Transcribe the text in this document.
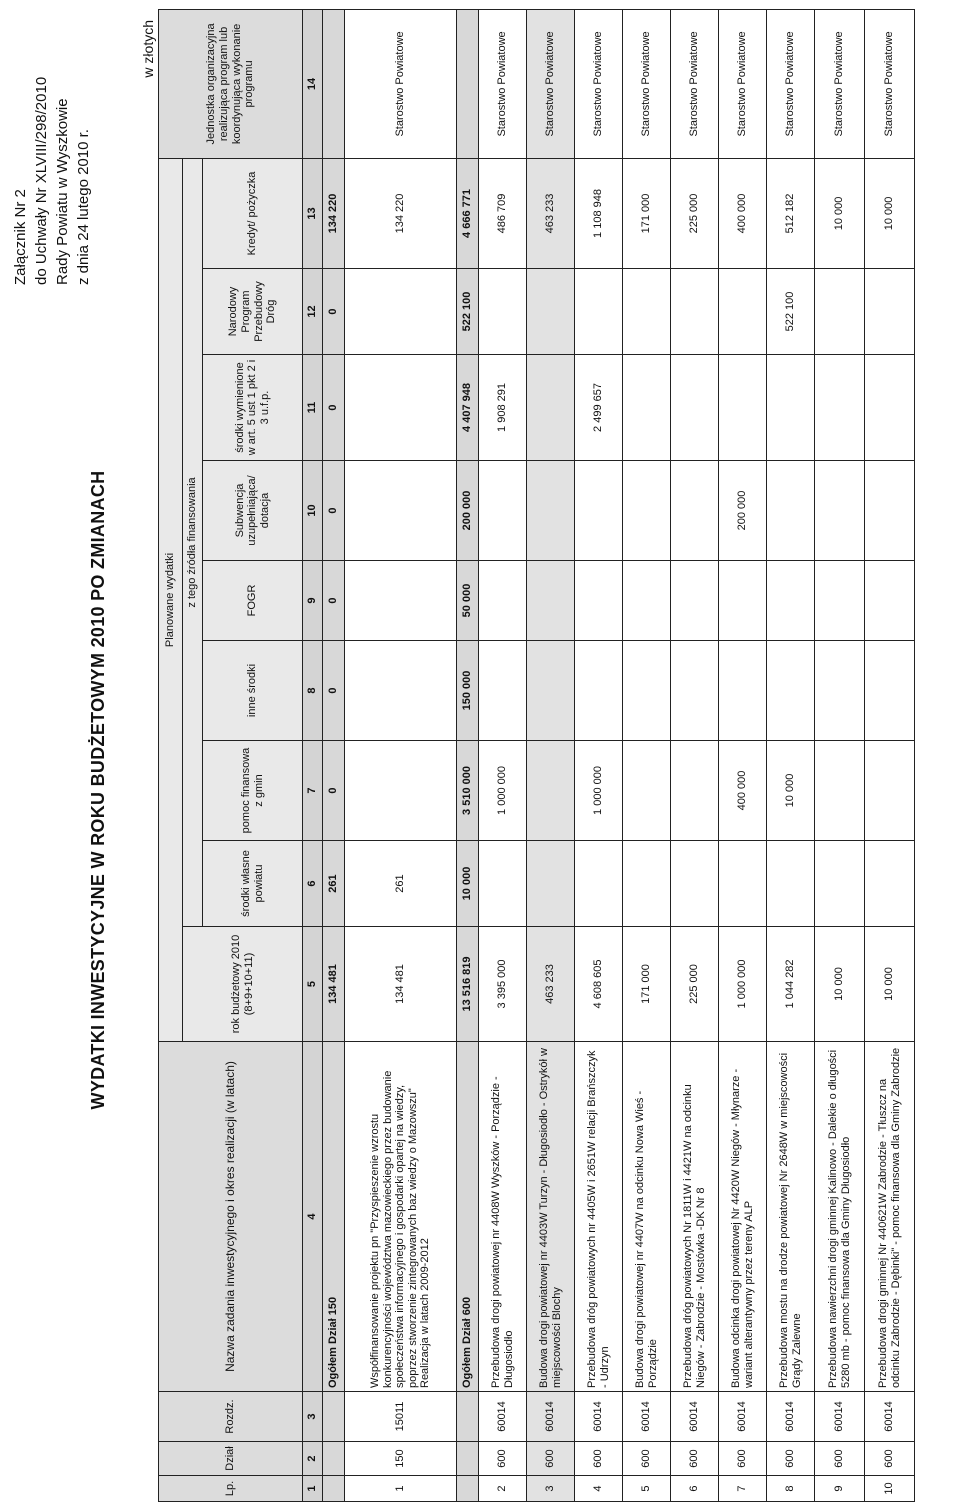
Załącznik Nr 2 do Uchwały Nr XLVIII/298/2010 Rady Powiatu w Wyszkowie z dnia 24 lutego 2010 r.
WYDATKI INWESTYCYJNE W ROKU BUDŻETOWYM 2010 PO ZMIANACH
w złotych
Lp.	Dział	Rozdz.	Nazwa zadania inwestycyjnego i okres realizacji (w latach)	Planowane wydatki									Jednostka organizacyjna realizująca program lub koordynująca wykonanie programu
				rok budżetowy 2010 (8+9+10+11)	z tego źródła finansowania								
					środki własne powiatu	pomoc finansowa z gmin	inne środki	FOGR	Subwencja uzupełniająca/ dotacja	środki wymienione w art. 5 ust 1 pkt 2 i 3 u.f.p.	Narodowy Program Przebudowy Dróg	Kredyt/ pożyczka	
1	2	3	4	5	6	7	8	9	10	11	12	13	14
			Ogółem Dział 150	134 481	261	0	0	0	0	0	0	134 220	
1	150	15011	Współfinansowanie projektu pn "Przyspieszenie wzrostu konkurencyjności województwa mazowieckiego przez budowanie społeczeństwa informacyjnego i gospodarki opartej na wiedzy, poprzez stworzenie zintegrowanych baz wiedzy o Mazowszu" Realizacja w latach 2009-2012	134 481	261							134 220	Starostwo Powiatowe
			Ogółem Dział 600	13 516 819	10 000	3 510 000	150 000	50 000	200 000	4 407 948	522 100	4 666 771	
2	600	60014	Przebudowa drogi powiatowej nr 4408W Wyszków - Porządzie - Długosiodło	3 395 000		1 000 000				1 908 291		486 709	Starostwo Powiatowe
3	600	60014	Budowa drogi powiatowej nr 4403W Turzyn - Długosiodło - Ostrykół w miejscowości Blochy	463 233								463 233	Starostwo Powiatowe
4	600	60014	Przebudowa dróg powiatowych nr 4405W i 2651W relacji Brańszczyk - Udrzyn	4 608 605		1 000 000				2 499 657		1 108 948	Starostwo Powiatowe
5	600	60014	Budowa drogi powiatowej nr 4407W na odcinku Nowa Wieś - Porządzie	171 000								171 000	Starostwo Powiatowe
6	600	60014	Przebudowa dróg powiatowych Nr 1811W i 4421W na odcinku Niegów - Zabrodzie - Mostówka -DK Nr 8	225 000								225 000	Starostwo Powiatowe
7	600	60014	Budowa odcinka drogi powiatowej Nr 4420W Niegów - Młynarze - wariant alterantywny przez tereny ALP	1 000 000		400 000			200 000			400 000	Starostwo Powiatowe
8	600	60014	Przebudowa mostu na drodze powiatowej Nr 2648W w miejscowości Grądy Zalewne	1 044 282		10 000					522 100	512 182	Starostwo Powiatowe
9	600	60014	Przebudowa nawierzchni drogi gminnej Kalinowo - Dalekie o długości 5280 mb - pomoc finansowa dla Gminy Długosiodło	10 000								10 000	Starostwo Powiatowe
10	600	60014	Przebudowa drogi gminnej Nr 440621W Zabrodzie - Tłuszcz na odcinku Zabrodzie - Dębinki" - pomoc finansowa dla Gminy Zabrodzie	10 000								10 000	Starostwo Powiatowe
